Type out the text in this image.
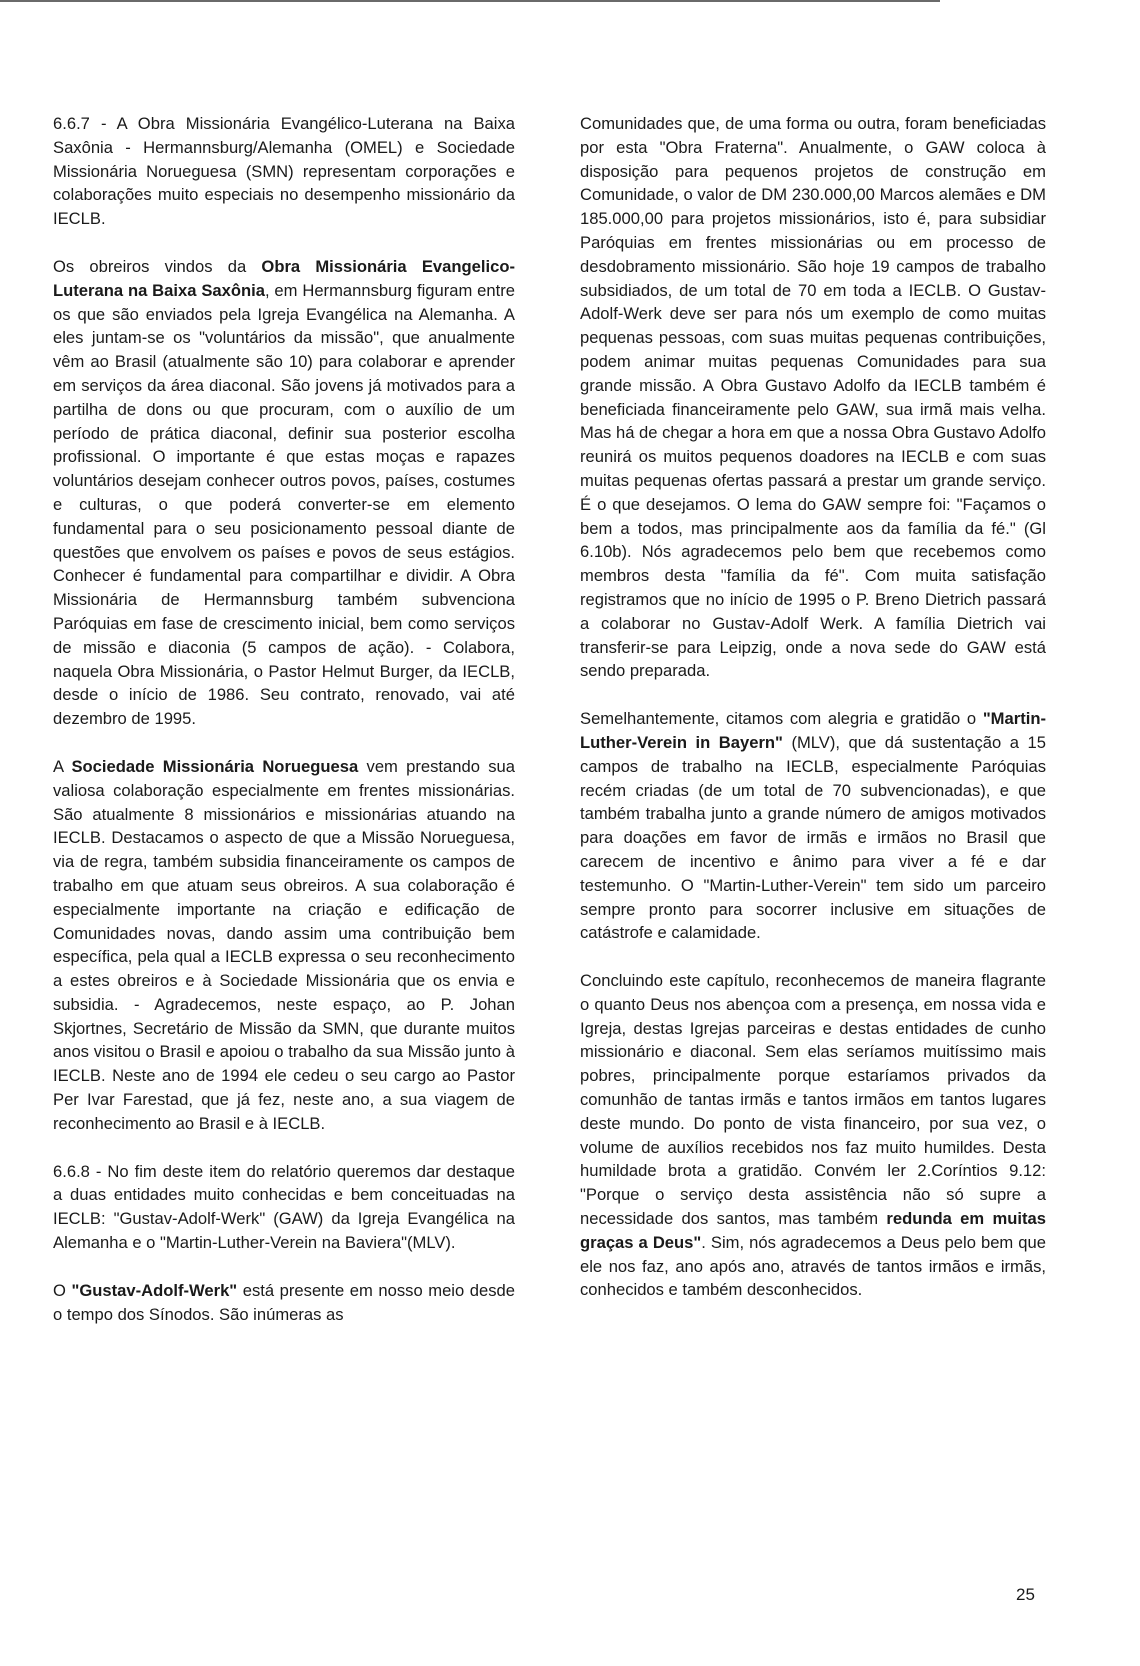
6.6.7 - A Obra Missionária Evangélico-Luterana na Baixa Saxônia - Hermannsburg/Alemanha (OMEL) e Sociedade Missionária Norueguesa (SMN) representam corporações e colaborações muito especiais no desempenho missionário da IECLB.

Os obreiros vindos da Obra Missionária Evangelico-Luterana na Baixa Saxônia, em Hermannsburg figuram entre os que são enviados pela Igreja Evangélica na Alemanha. A eles juntam-se os "voluntários da missão", que anualmente vêm ao Brasil (atualmente são 10) para colaborar e aprender em serviços da área diaconal. São jovens já motivados para a partilha de dons ou que procuram, com o auxílio de um período de prática diaconal, definir sua posterior escolha profissional. O importante é que estas moças e rapazes voluntários desejam conhecer outros povos, países, costumes e culturas, o que poderá converter-se em elemento fundamental para o seu posicionamento pessoal diante de questões que envolvem os países e povos de seus estágios. Conhecer é fundamental para compartilhar e dividir. A Obra Missionária de Hermannsburg também subvenciona Paróquias em fase de crescimento inicial, bem como serviços de missão e diaconia (5 campos de ação). - Colabora, naquela Obra Missionária, o Pastor Helmut Burger, da IECLB, desde o início de 1986. Seu contrato, renovado, vai até dezembro de 1995.

A Sociedade Missionária Norueguesa vem prestando sua valiosa colaboração especialmente em frentes missionárias. São atualmente 8 missionários e missionárias atuando na IECLB. Destacamos o aspecto de que a Missão Norueguesa, via de regra, também subsidia financeiramente os campos de trabalho em que atuam seus obreiros. A sua colaboração é especialmente importante na criação e edificação de Comunidades novas, dando assim uma contribuição bem específica, pela qual a IECLB expressa o seu reconhecimento a estes obreiros e à Sociedade Missionária que os envia e subsidia. - Agradecemos, neste espaço, ao P. Johan Skjortnes, Secretário de Missão da SMN, que durante muitos anos visitou o Brasil e apoiou o trabalho da sua Missão junto à IECLB. Neste ano de 1994 ele cedeu o seu cargo ao Pastor Per Ivar Farestad, que já fez, neste ano, a sua viagem de reconhecimento ao Brasil e à IECLB.

6.6.8 - No fim deste item do relatório queremos dar destaque a duas entidades muito conhecidas e bem conceituadas na IECLB: "Gustav-Adolf-Werk" (GAW) da Igreja Evangélica na Alemanha e o "Martin-Luther-Verein na Baviera"(MLV).

O "Gustav-Adolf-Werk" está presente em nosso meio desde o tempo dos Sínodos. São inúmeras as

Comunidades que, de uma forma ou outra, foram beneficiadas por esta "Obra Fraterna". Anualmente, o GAW coloca à disposição para pequenos projetos de construção em Comunidade, o valor de DM 230.000,00 Marcos alemães e DM 185.000,00 para projetos missionários, isto é, para subsidiar Paróquias em frentes missionárias ou em processo de desdobramento missionário. São hoje 19 campos de trabalho subsidiados, de um total de 70 em toda a IECLB. O Gustav-Adolf-Werk deve ser para nós um exemplo de como muitas pequenas pessoas, com suas muitas pequenas contribuições, podem animar muitas pequenas Comunidades para sua grande missão. A Obra Gustavo Adolfo da IECLB também é beneficiada financeiramente pelo GAW, sua irmã mais velha. Mas há de chegar a hora em que a nossa Obra Gustavo Adolfo reunirá os muitos pequenos doadores na IECLB e com suas muitas pequenas ofertas passará a prestar um grande serviço. É o que desejamos. O lema do GAW sempre foi: "Façamos o bem a todos, mas principalmente aos da família da fé." (Gl 6.10b). Nós agradecemos pelo bem que recebemos como membros desta "família da fé". Com muita satisfação registramos que no início de 1995 o P. Breno Dietrich passará a colaborar no Gustav-Adolf Werk. A família Dietrich vai transferir-se para Leipzig, onde a nova sede do GAW está sendo preparada.

Semelhantemente, citamos com alegria e gratidão o "Martin-Luther-Verein in Bayern" (MLV), que dá sustentação a 15 campos de trabalho na IECLB, especialmente Paróquias recém criadas (de um total de 70 subvencionadas), e que também trabalha junto a grande número de amigos motivados para doações em favor de irmãs e irmãos no Brasil que carecem de incentivo e ânimo para viver a fé e dar testemunho. O "Martin-Luther-Verein" tem sido um parceiro sempre pronto para socorrer inclusive em situações de catástrofe e calamidade.

Concluindo este capítulo, reconhecemos de maneira flagrante o quanto Deus nos abençoa com a presença, em nossa vida e Igreja, destas Igrejas parceiras e destas entidades de cunho missionário e diaconal. Sem elas seríamos muitíssimo mais pobres, principalmente porque estaríamos privados da comunhão de tantas irmãs e tantos irmãos em tantos lugares deste mundo. Do ponto de vista financeiro, por sua vez, o volume de auxílios recebidos nos faz muito humildes. Desta humildade brota a gratidão. Convém ler 2.Coríntios 9.12: "Porque o serviço desta assistência não só supre a necessidade dos santos, mas também redunda em muitas graças a Deus". Sim, nós agradecemos a Deus pelo bem que ele nos faz, ano após ano, através de tantos irmãos e irmãs, conhecidos e também desconhecidos.

25
